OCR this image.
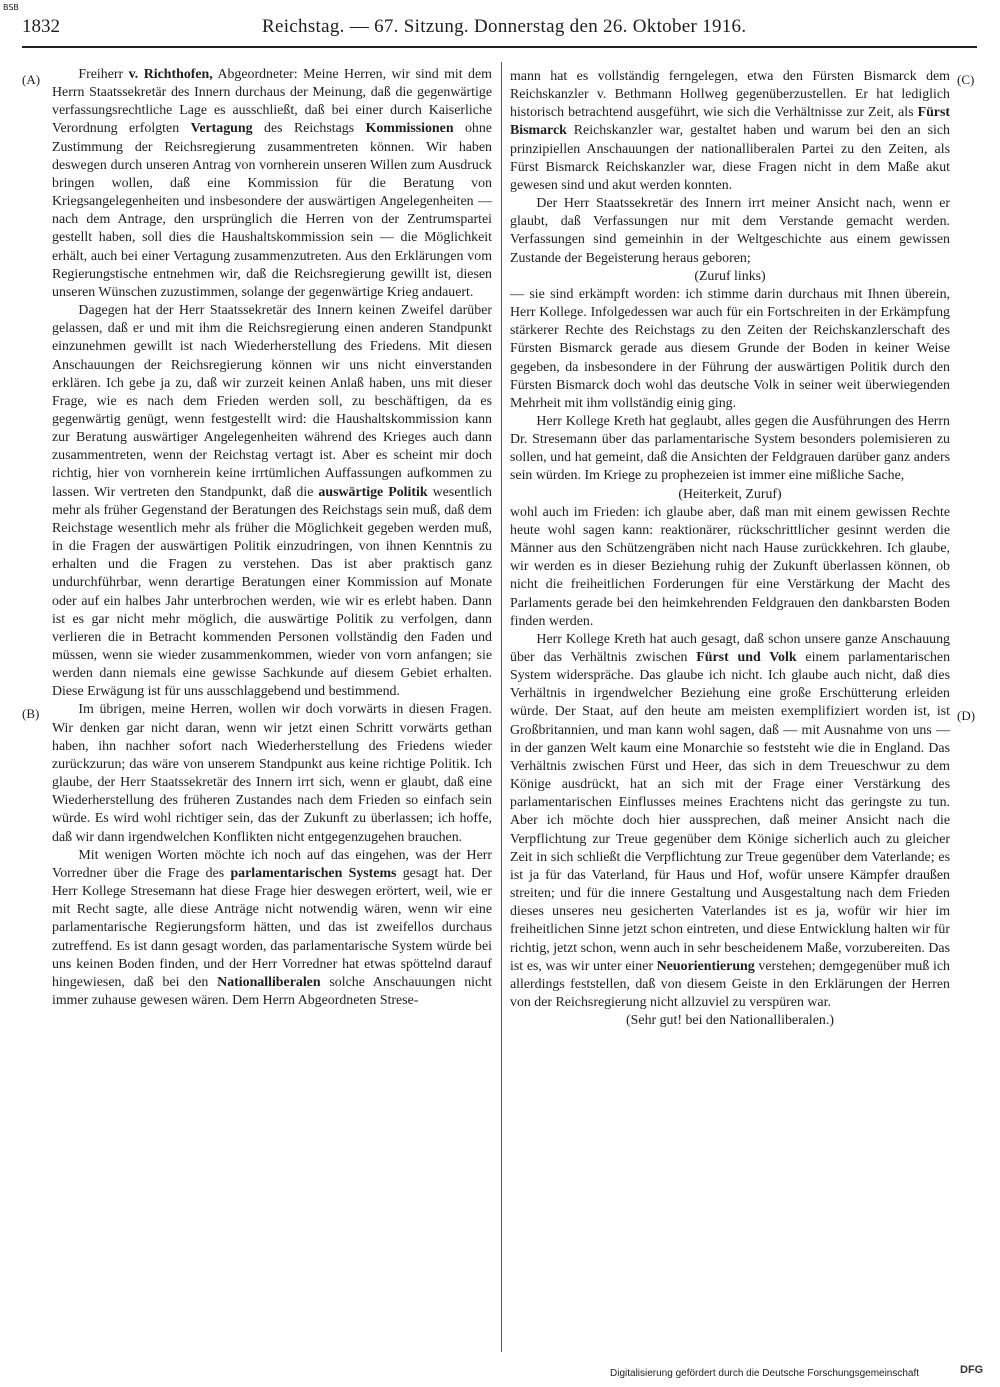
BSB
1832	Reichstag. — 67. Sitzung. Donnerstag den 26. Oktober 1916.
(A)
(B)
(C)
(D)

Freiherr v. Richthofen, Abgeordneter: Meine Herren, wir sind mit dem Herrn Staatssekretär des Innern durchaus der Meinung, daß die gegenwärtige verfassungsrechtliche Lage es ausschließt, daß bei einer durch Kaiserliche Verordnung erfolgten Vertagung des Reichstags Kommissionen ohne Zustimmung der Reichsregierung zusammentreten können. Wir haben deswegen durch unseren Antrag von vornherein unseren Willen zum Ausdruck bringen wollen, daß eine Kommission für die Beratung von Kriegsangelegenheiten und insbesondere der auswärtigen Angelegenheiten — nach dem Antrage, den ursprünglich die Herren von der Zentrumspartei gestellt haben, soll dies die Haushaltskommission sein — die Möglichkeit erhält, auch bei einer Vertagung zusammenzutreten. Aus den Erklärungen vom Regierungstische entnehmen wir, daß die Reichsregierung gewillt ist, diesen unseren Wünschen zuzustimmen, solange der gegenwärtige Krieg andauert.

Dagegen hat der Herr Staatssekretär des Innern keinen Zweifel darüber gelassen, daß er und mit ihm die Reichsregierung einen anderen Standpunkt einzunehmen gewillt ist nach Wiederherstellung des Friedens. Mit diesen Anschauungen der Reichsregierung können wir uns nicht einverstanden erklären. Ich gebe ja zu, daß wir zurzeit keinen Anlaß haben, uns mit dieser Frage, wie es nach dem Frieden werden soll, zu beschäftigen, da es gegenwärtig genügt, wenn festgestellt wird: die Haushaltskommission kann zur Beratung auswärtiger Angelegenheiten während des Krieges auch dann zusammentreten, wenn der Reichstag vertagt ist. Aber es scheint mir doch richtig, hier von vornherein keine irrtümlichen Auffassungen aufkommen zu lassen. Wir vertreten den Standpunkt, daß die auswärtige Politik wesentlich mehr als früher Gegenstand der Beratungen des Reichstags sein muß, daß dem Reichstage wesentlich mehr als früher die Möglichkeit gegeben werden muß, in die Fragen der auswärtigen Politik einzudringen, von ihnen Kenntnis zu erhalten und die Fragen zu verstehen. Das ist aber praktisch ganz undurchführbar, wenn derartige Beratungen einer Kommission auf Monate oder auf ein halbes Jahr unterbrochen werden, wie wir es erlebt haben. Dann ist es gar nicht mehr möglich, die auswärtige Politik zu verfolgen, dann verlieren die in Betracht kommenden Personen vollständig den Faden und müssen, wenn sie wieder zusammenkommen, wieder von vorn anfangen; sie werden dann niemals eine gewisse Sachkunde auf diesem Gebiet erhalten. Diese Erwägung ist für uns ausschlaggebend und bestimmend.

Im übrigen, meine Herren, wollen wir doch vorwärts in diesen Fragen. Wir denken gar nicht daran, wenn wir jetzt einen Schritt vorwärts gethan haben, ihn nachher sofort nach Wiederherstellung des Friedens wieder zurückzurun; das wäre von unserem Standpunkt aus keine richtige Politik. Ich glaube, der Herr Staatssekretär des Innern irrt sich, wenn er glaubt, daß eine Wiederherstellung des früheren Zustandes nach dem Frieden so einfach sein würde. Es wird wohl richtiger sein, das der Zukunft zu überlassen; ich hoffe, daß wir dann irgendwelchen Konflikten nicht entgegenzugehen brauchen.

Mit wenigen Worten möchte ich noch auf das eingehen, was der Herr Vorredner über die Frage des parlamentarischen Systems gesagt hat. Der Herr Kollege Stresemann hat diese Frage hier deswegen erörtert, weil, wie er mit Recht sagte, alle diese Anträge nicht notwendig wären, wenn wir eine parlamentarische Regierungsform hätten, und das ist zweifellos durchaus zutreffend. Es ist dann gesagt worden, das parlamentarische System würde bei uns keinen Boden finden, und der Herr Vorredner hat etwas spöttelnd darauf hingewiesen, daß bei den Nationalliberalen solche Anschauungen nicht immer zuhause gewesen wären. Dem Herrn Abgeordneten Strese-

mann hat es vollständig ferngelegen, etwa den Fürsten Bismarck dem Reichskanzler v. Bethmann Hollweg gegenüberzustellen. Er hat lediglich historisch betrachtend ausgeführt, wie sich die Verhältnisse zur Zeit, als Fürst Bismarck Reichskanzler war, gestaltet haben und warum bei den an sich prinzipiellen Anschauungen der nationalliberalen Partei zu den Zeiten, als Fürst Bismarck Reichskanzler war, diese Fragen nicht in dem Maße akut gewesen sind und akut werden konnten.

Der Herr Staatssekretär des Innern irrt meiner Ansicht nach, wenn er glaubt, daß Verfassungen nur mit dem Verstande gemacht werden. Verfassungen sind gemeinhin in der Weltgeschichte aus einem gewissen Zustande der Begeisterung heraus geboren;

(Zuruf links)

— sie sind erkämpft worden: ich stimme darin durchaus mit Ihnen überein, Herr Kollege. Infolgedessen war auch für ein Fortschreiten in der Erkämpfung stärkerer Rechte des Reichstags zu den Zeiten der Reichskanzlerschaft des Fürsten Bismarck gerade aus diesem Grunde der Boden in keiner Weise gegeben, da insbesondere in der Führung der auswärtigen Politik durch den Fürsten Bismarck doch wohl das deutsche Volk in seiner weit überwiegenden Mehrheit mit ihm vollständig einig ging.

Herr Kollege Kreth hat geglaubt, alles gegen die Ausführungen des Herrn Dr. Stresemann über das parlamentarische System besonders polemisieren zu sollen, und hat gemeint, daß die Ansichten der Feldgrauen darüber ganz anders sein würden. Im Kriege zu prophezeien ist immer eine mißliche Sache,

(Heiterkeit, Zuruf)

wohl auch im Frieden: ich glaube aber, daß man mit einem gewissen Rechte heute wohl sagen kann: reaktionärer, rückschrittlicher gesinnt werden die Männer aus den Schützengräben nicht nach Hause zurückkehren. Ich glaube, wir werden es in dieser Beziehung ruhig der Zukunft überlassen können, ob nicht die freiheitlichen Forderungen für eine Verstärkung der Macht des Parlaments gerade bei den heimkehrenden Feldgrauen den dankbarsten Boden finden werden.

Herr Kollege Kreth hat auch gesagt, daß schon unsere ganze Anschauung über das Verhältnis zwischen Fürst und Volk einem parlamentarischen System widerspräche. Das glaube ich nicht. Ich glaube auch nicht, daß dies Verhältnis in irgendwelcher Beziehung eine große Erschütterung erleiden würde. Der Staat, auf den heute am meisten exemplifiziert worden ist, ist Großbritannien, und man kann wohl sagen, daß — mit Ausnahme von uns — in der ganzen Welt kaum eine Monarchie so feststeht wie die in England. Das Verhältnis zwischen Fürst und Heer, das sich in dem Treueschwur zu dem Könige ausdrückt, hat an sich mit der Frage einer Verstärkung des parlamentarischen Einflusses meines Erachtens nicht das geringste zu tun. Aber ich möchte doch hier aussprechen, daß meiner Ansicht nach die Verpflichtung zur Treue gegenüber dem Könige sicherlich auch zu gleicher Zeit in sich schließt die Verpflichtung zur Treue gegenüber dem Vaterlande; es ist ja für das Vaterland, für Haus und Hof, wofür unsere Kämpfer draußen streiten; und für die innere Gestaltung und Ausgestaltung nach dem Frieden dieses unseres neu gesicherten Vaterlandes ist es ja, wofür wir hier im freiheitlichen Sinne jetzt schon eintreten, und diese Entwicklung halten wir für richtig, jetzt schon, wenn auch in sehr bescheidenem Maße, vorzubereiten. Das ist es, was wir unter einer Neuorientierung verstehen; demgegenüber muß ich allerdings feststellen, daß von diesem Geiste in den Erklärungen der Herren von der Reichsregierung nicht allzuviel zu verspüren war.

(Sehr gut! bei den Nationalliberalen.)

Digitalisierung gefördert durch die Deutsche Forschungsgemeinschaft	DFG
